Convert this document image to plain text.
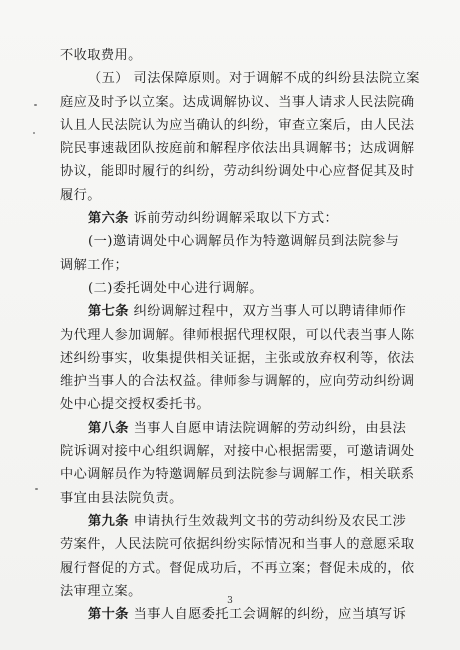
不收取费用。
（五） 司法保障原则。对于调解不成的纠纷县法院立案
庭应及时予以立案。达成调解协议、当事人请求人民法院确
认且人民法院认为应当确认的纠纷，审查立案后，由人民法
院民事速裁团队按庭前和解程序依法出具调解书；达成调解
协议，能即时履行的纠纷，劳动纠纷调处中心应督促其及时
履行。
第六条 诉前劳动纠纷调解采取以下方式：
(一)邀请调处中心调解员作为特邀调解员到法院参与
调解工作；
(二)委托调处中心进行调解。
第七条 纠纷调解过程中，双方当事人可以聘请律师作
为代理人参加调解。律师根据代理权限，可以代表当事人陈
述纠纷事实，收集提供相关证据，主张或放弃权利等，依法
维护当事人的合法权益。律师参与调解的，应向劳动纠纷调
处中心提交授权委托书。
第八条 当事人自愿申请法院调解的劳动纠纷，由县法
院诉调对接中心组织调解，对接中心根据需要，可邀请调处
中心调解员作为特邀调解员到法院参与调解工作，相关联系
事宜由县法院负责。
第九条 申请执行生效裁判文书的劳动纠纷及农民工涉
劳案件，人民法院可依据纠纷实际情况和当事人的意愿采取
履行督促的方式。督促成功后，不再立案；督促未成的，依
法审理立案。
第十条 当事人自愿委托工会调解的纠纷，应当填写诉
3
